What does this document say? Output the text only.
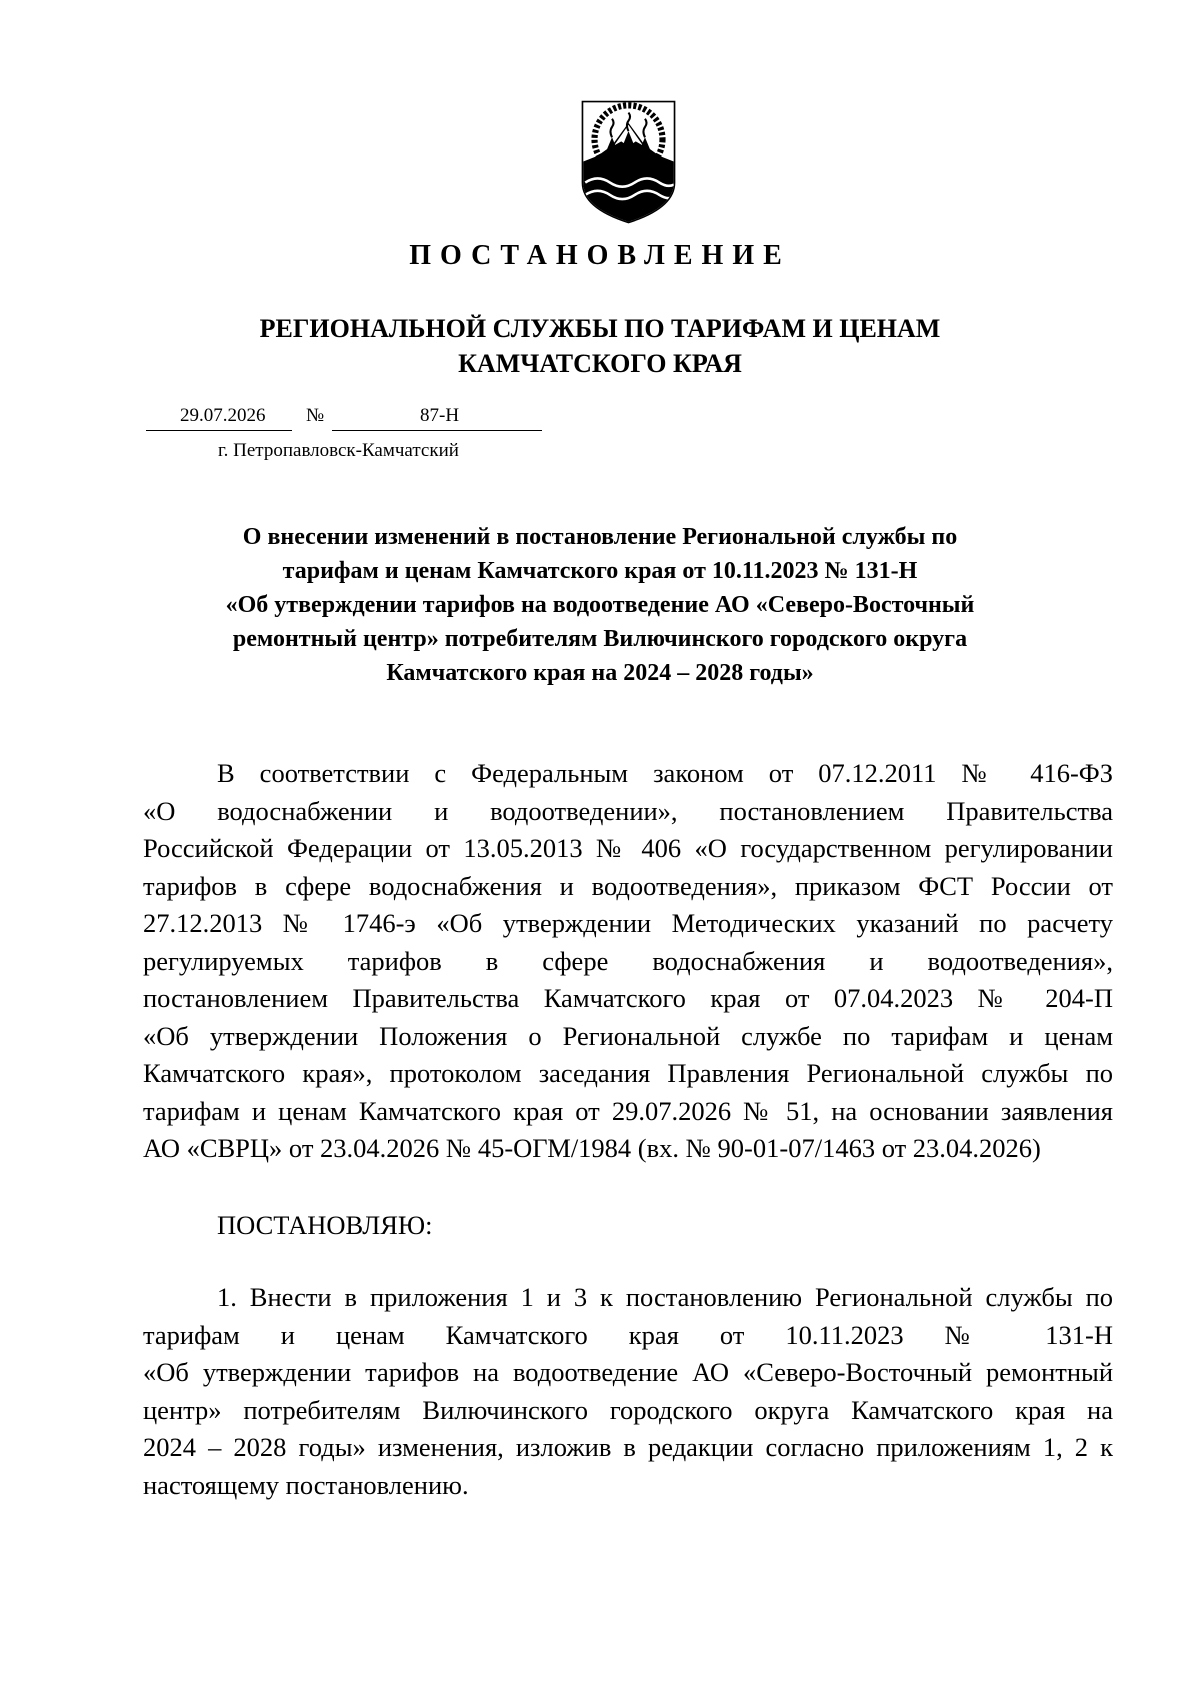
ПОСТАНОВЛЕНИЕ
РЕГИОНАЛЬНОЙ СЛУЖБЫ ПО ТАРИФАМ И ЦЕНАМ
КАМЧАТСКОГО КРАЯ
29.07.2026 №	87-Н
г. Петропавловск-Камчатский
О внесении изменений в постановление Региональной службы по
тарифам и ценам Камчатского края от 10.11.2023 № 131-Н
«Об утверждении тарифов на водоотведение АО «Северо-Восточный
ремонтный центр» потребителям Вилючинского городского округа
Камчатского края на 2024 – 2028 годы»
В соответствии с Федеральным законом от 07.12.2011 № 416-ФЗ
«О водоснабжении и водоотведении», постановлением Правительства
Российской Федерации от 13.05.2013 № 406 «О государственном регулировании
тарифов в сфере водоснабжения и водоотведения», приказом ФСТ России от
27.12.2013 № 1746-э «Об утверждении Методических указаний по расчету
регулируемых тарифов в сфере водоснабжения и водоотведения»,
постановлением Правительства Камчатского края от 07.04.2023 № 204-П
«Об утверждении Положения о Региональной службе по тарифам и ценам
Камчатского края», протоколом заседания Правления Региональной службы по
тарифам и ценам Камчатского края от 29.07.2026 № 51, на основании заявления
АО «СВРЦ» от 23.04.2026 № 45-ОГМ/1984 (вх. № 90-01-07/1463 от 23.04.2026)
ПОСТАНОВЛЯЮ:
1. Внести в приложения 1 и 3 к постановлению Региональной службы по
тарифам и ценам Камчатского края от 10.11.2023 № 131-Н
«Об утверждении тарифов на водоотведение АО «Северо-Восточный ремонтный
центр» потребителям Вилючинского городского округа Камчатского края на
2024 – 2028 годы» изменения, изложив в редакции согласно приложениям 1, 2 к
настоящему постановлению.
